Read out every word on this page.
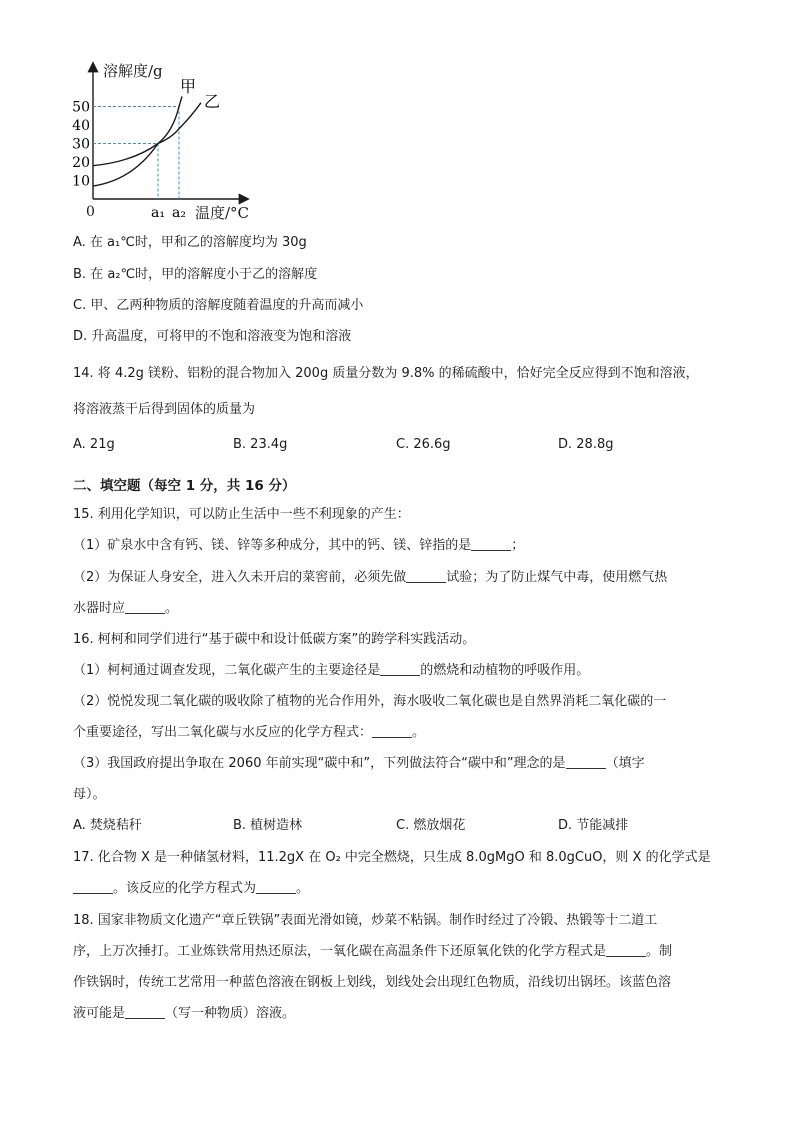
10
20
30
40
50
a₁ a₂
甲
乙
溶解度/g
温度/°C
0
A. 在 a₁℃时，甲和乙的溶解度均为 30g
B. 在 a₂℃时，甲的溶解度小于乙的溶解度
C. 甲、乙两种物质的溶解度随着温度的升高而减小
D. 升高温度，可将甲的不饱和溶液变为饱和溶液
14. 将 4.2g 镁粉、铝粉的混合物加入 200g 质量分数为 9.8% 的稀硫酸中，恰好完全反应得到不饱和溶液，
将溶液蒸干后得到固体的质量为
A. 21g	B. 23.4g	C. 26.6g	D. 28.8g
二、填空题（每空 1 分，共 16 分）
15. 利用化学知识，可以防止生活中一些不利现象的产生：
（1）矿泉水中含有钙、镁、锌等多种成分，其中的钙、镁、锌指的是	；
（2）为保证人身安全，进入久未开启的菜窖前，必须先做	试验；为了防止煤气中毒，使用燃气热
水器时应	。
16. 柯柯和同学们进行“基于碳中和设计低碳方案”的跨学科实践活动。
（1）柯柯通过调查发现，二氧化碳产生的主要途径是	的燃烧和动植物的呼吸作用。
（2）悦悦发现二氧化碳的吸收除了植物的光合作用外，海水吸收二氧化碳也是自然界消耗二氧化碳的一
个重要途径，写出二氧化碳与水反应的化学方程式：	。
（3）我国政府提出争取在 2060 年前实现“碳中和”，下列做法符合“碳中和”理念的是	（填字
母）。
A. 焚烧秸秆	B. 植树造林	C. 燃放烟花	D. 节能减排
17. 化合物 X 是一种储氢材料，11.2gX 在 O₂ 中完全燃烧，只生成 8.0gMgO 和 8.0gCuO，则 X 的化学式是
。该反应的化学方程式为	。
18. 国家非物质文化遗产“章丘铁锅”表面光滑如镜，炒菜不粘锅。制作时经过了冷锻、热锻等十二道工
序，上万次捶打。工业炼铁常用热还原法，一氧化碳在高温条件下还原氧化铁的化学方程式是	。制
作铁锅时，传统工艺常用一种蓝色溶液在钢板上划线，划线处会出现红色物质，沿线切出锅坯。该蓝色溶
液可能是	（写一种物质）溶液。
